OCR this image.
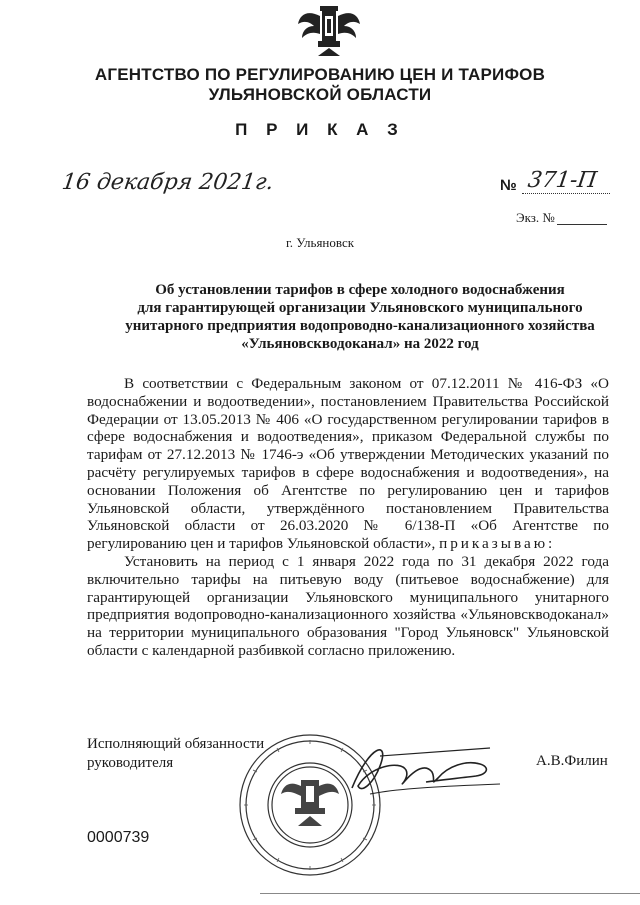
АГЕНТСТВО ПО РЕГУЛИРОВАНИЮ ЦЕН И ТАРИФОВ
УЛЬЯНОВСКОЙ ОБЛАСТИ
П Р И К А З
16 декабря 2021г.	№ 371-П
Экз. №
г. Ульяновск
Об установлении тарифов в сфере холодного водоснабжения
для гарантирующей организации Ульяновского муниципального
унитарного предприятия водопроводно-канализационного хозяйства
«Ульяновскводоканал» на 2022 год

В соответствии с Федеральным законом от 07.12.2011 № 416-ФЗ «О водоснабжении и водоотведении», постановлением Правительства Российской Федерации от 13.05.2013 № 406 «О государственном регулировании тарифов в сфере водоснабжения и водоотведения», приказом Федеральной службы по тарифам от 27.12.2013 № 1746-э «Об утверждении Методических указаний по расчёту регулируемых тарифов в сфере водоснабжения и водоотведения», на основании Положения об Агентстве по регулированию цен и тарифов Ульяновской области, утверждённого постановлением Правительства Ульяновской области от 26.03.2020 № 6/138-П «Об Агентстве по регулированию цен и тарифов Ульяновской области», приказываю:

Установить на период с 1 января 2022 года по 31 декабря 2022 года включительно тарифы на питьевую воду (питьевое водоснабжение) для гарантирующей организации Ульяновского муниципального унитарного предприятия водопроводно-канализационного хозяйства «Ульяновскводоканал» на территории муниципального образования "Город Ульяновск" Ульяновской области с календарной разбивкой согласно приложению.

Исполняющий обязанности
руководителя	А.В.Филин
0000739
